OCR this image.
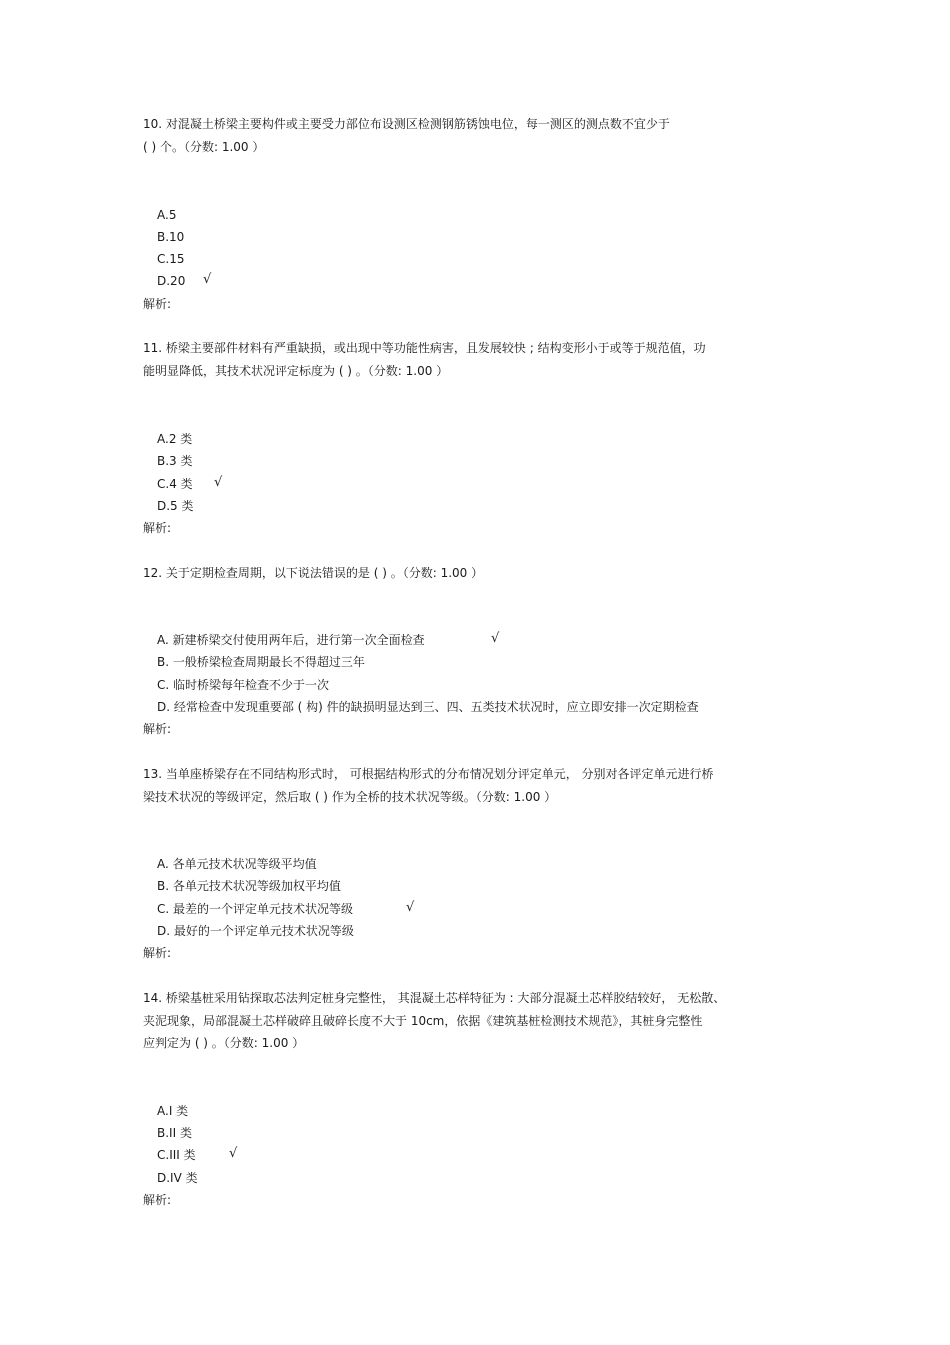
10. 对混凝土桥梁主要构件或主要受力部位布设测区检测钢筋锈蚀电位，每一测区的测点数不宜少于
( ) 个。（分数: 1.00 ）
A.5
B.10
C.15
D.20 √
解析:
11. 桥梁主要部件材料有严重缺损，或出现中等功能性病害，且发展较快 ; 结构变形小于或等于规范值，功
能明显降低，其技术状况评定标度为 ( ) 。（分数: 1.00 ）
A.2 类
B.3 类
C.4 类 √
D.5 类
解析:
12. 关于定期检查周期，以下说法错误的是 ( ) 。（分数: 1.00 ）
A. 新建桥梁交付使用两年后，进行第一次全面检查	√
B. 一般桥梁检查周期最长不得超过三年
C. 临时桥梁每年检查不少于一次
D. 经常检查中发现重要部 ( 构) 件的缺损明显达到三、四、五类技术状况时，应立即安排一次定期检查
解析:
13. 当单座桥梁存在不同结构形式时， 可根据结构形式的分布情况划分评定单元， 分别对各评定单元进行桥
梁技术状况的等级评定，然后取 ( ) 作为全桥的技术状况等级。（分数: 1.00 ）
A. 各单元技术状况等级平均值
B. 各单元技术状况等级加权平均值
C. 最差的一个评定单元技术状况等级	√
D. 最好的一个评定单元技术状况等级
解析:
14. 桥梁基桩采用钻探取芯法判定桩身完整性， 其混凝土芯样特征为 : 大部分混凝土芯样胶结较好， 无松散、
夹泥现象，局部混凝土芯样破碎且破碎长度不大于 10cm，依据《建筑基桩检测技术规范》，其桩身完整性
应判定为 ( ) 。（分数: 1.00 ）
A.I 类
B.II 类
C.III 类	√
D.IV 类
解析:
